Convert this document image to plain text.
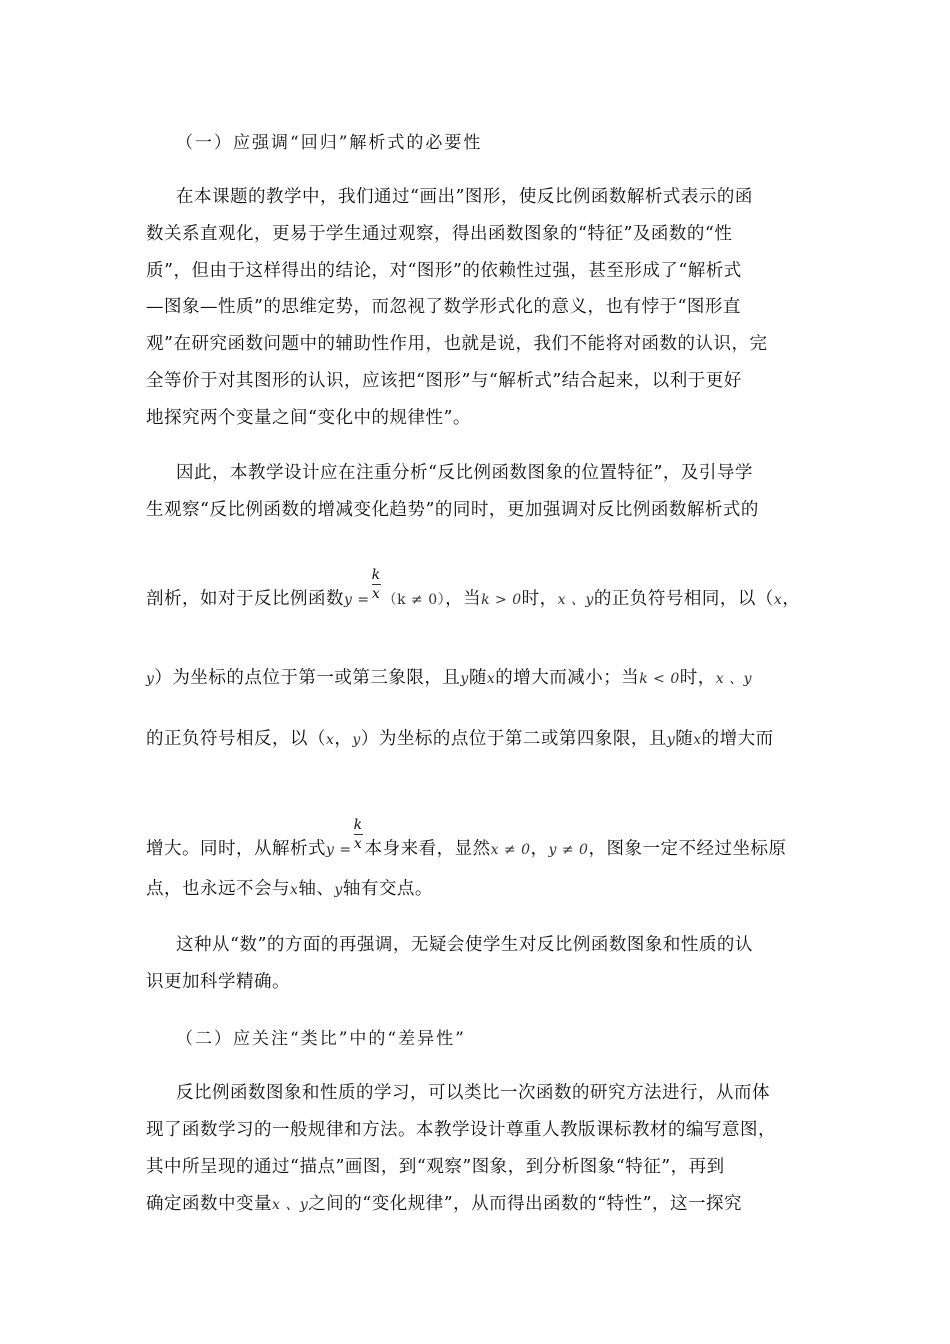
（一）应强调“回归”解析式的必要性
在本课题的教学中，我们通过“画出”图形，使反比例函数解析式表示的函
数关系直观化，更易于学生通过观察，得出函数图象的“特征”及函数的“性
质”，但由于这样得出的结论，对“图形”的依赖性过强，甚至形成了“解析式
—图象—性质”的思维定势，而忽视了数学形式化的意义，也有悖于“图形直
观”在研究函数问题中的辅助性作用，也就是说，我们不能将对函数的认识，完
全等价于对其图形的认识，应该把“图形”与“解析式”结合起来，以利于更好
地探究两个变量之间“变化中的规律性”。
因此，本教学设计应在注重分析“反比例函数图象的位置特征”，及引导学
生观察“反比例函数的增减变化趋势”的同时，更加强调对反比例函数解析式的
剖析，如对于反比例函数$y = \frac{k}{x} (k \ne 0)$，当k > 0时，x 、y的正负符号相同，以（x，
y）为坐标的点位于第一或第三象限，且y随x的增大而减小；当k < 0时，x 、y
的正负符号相反，以（x，y）为坐标的点位于第二或第四象限，且y随x的增大而
增大。同时，从解析式$y = \frac{k}{x}$ 本身来看，显然x ≠ 0，y ≠ 0，图象一定不经过坐标原
点，也永远不会与x轴、y轴有交点。
这种从“数”的方面的再强调，无疑会使学生对反比例函数图象和性质的认
识更加科学精确。
（二）应关注“类比”中的“差异性”
反比例函数图象和性质的学习，可以类比一次函数的研究方法进行，从而体
现了函数学习的一般规律和方法。本教学设计尊重人教版课标教材的编写意图，
其中所呈现的通过“描点”画图，到“观察”图象，到分析图象“特征”，再到
确定函数中变量x 、y之间的“变化规律”，从而得出函数的“特性”，这一探究
